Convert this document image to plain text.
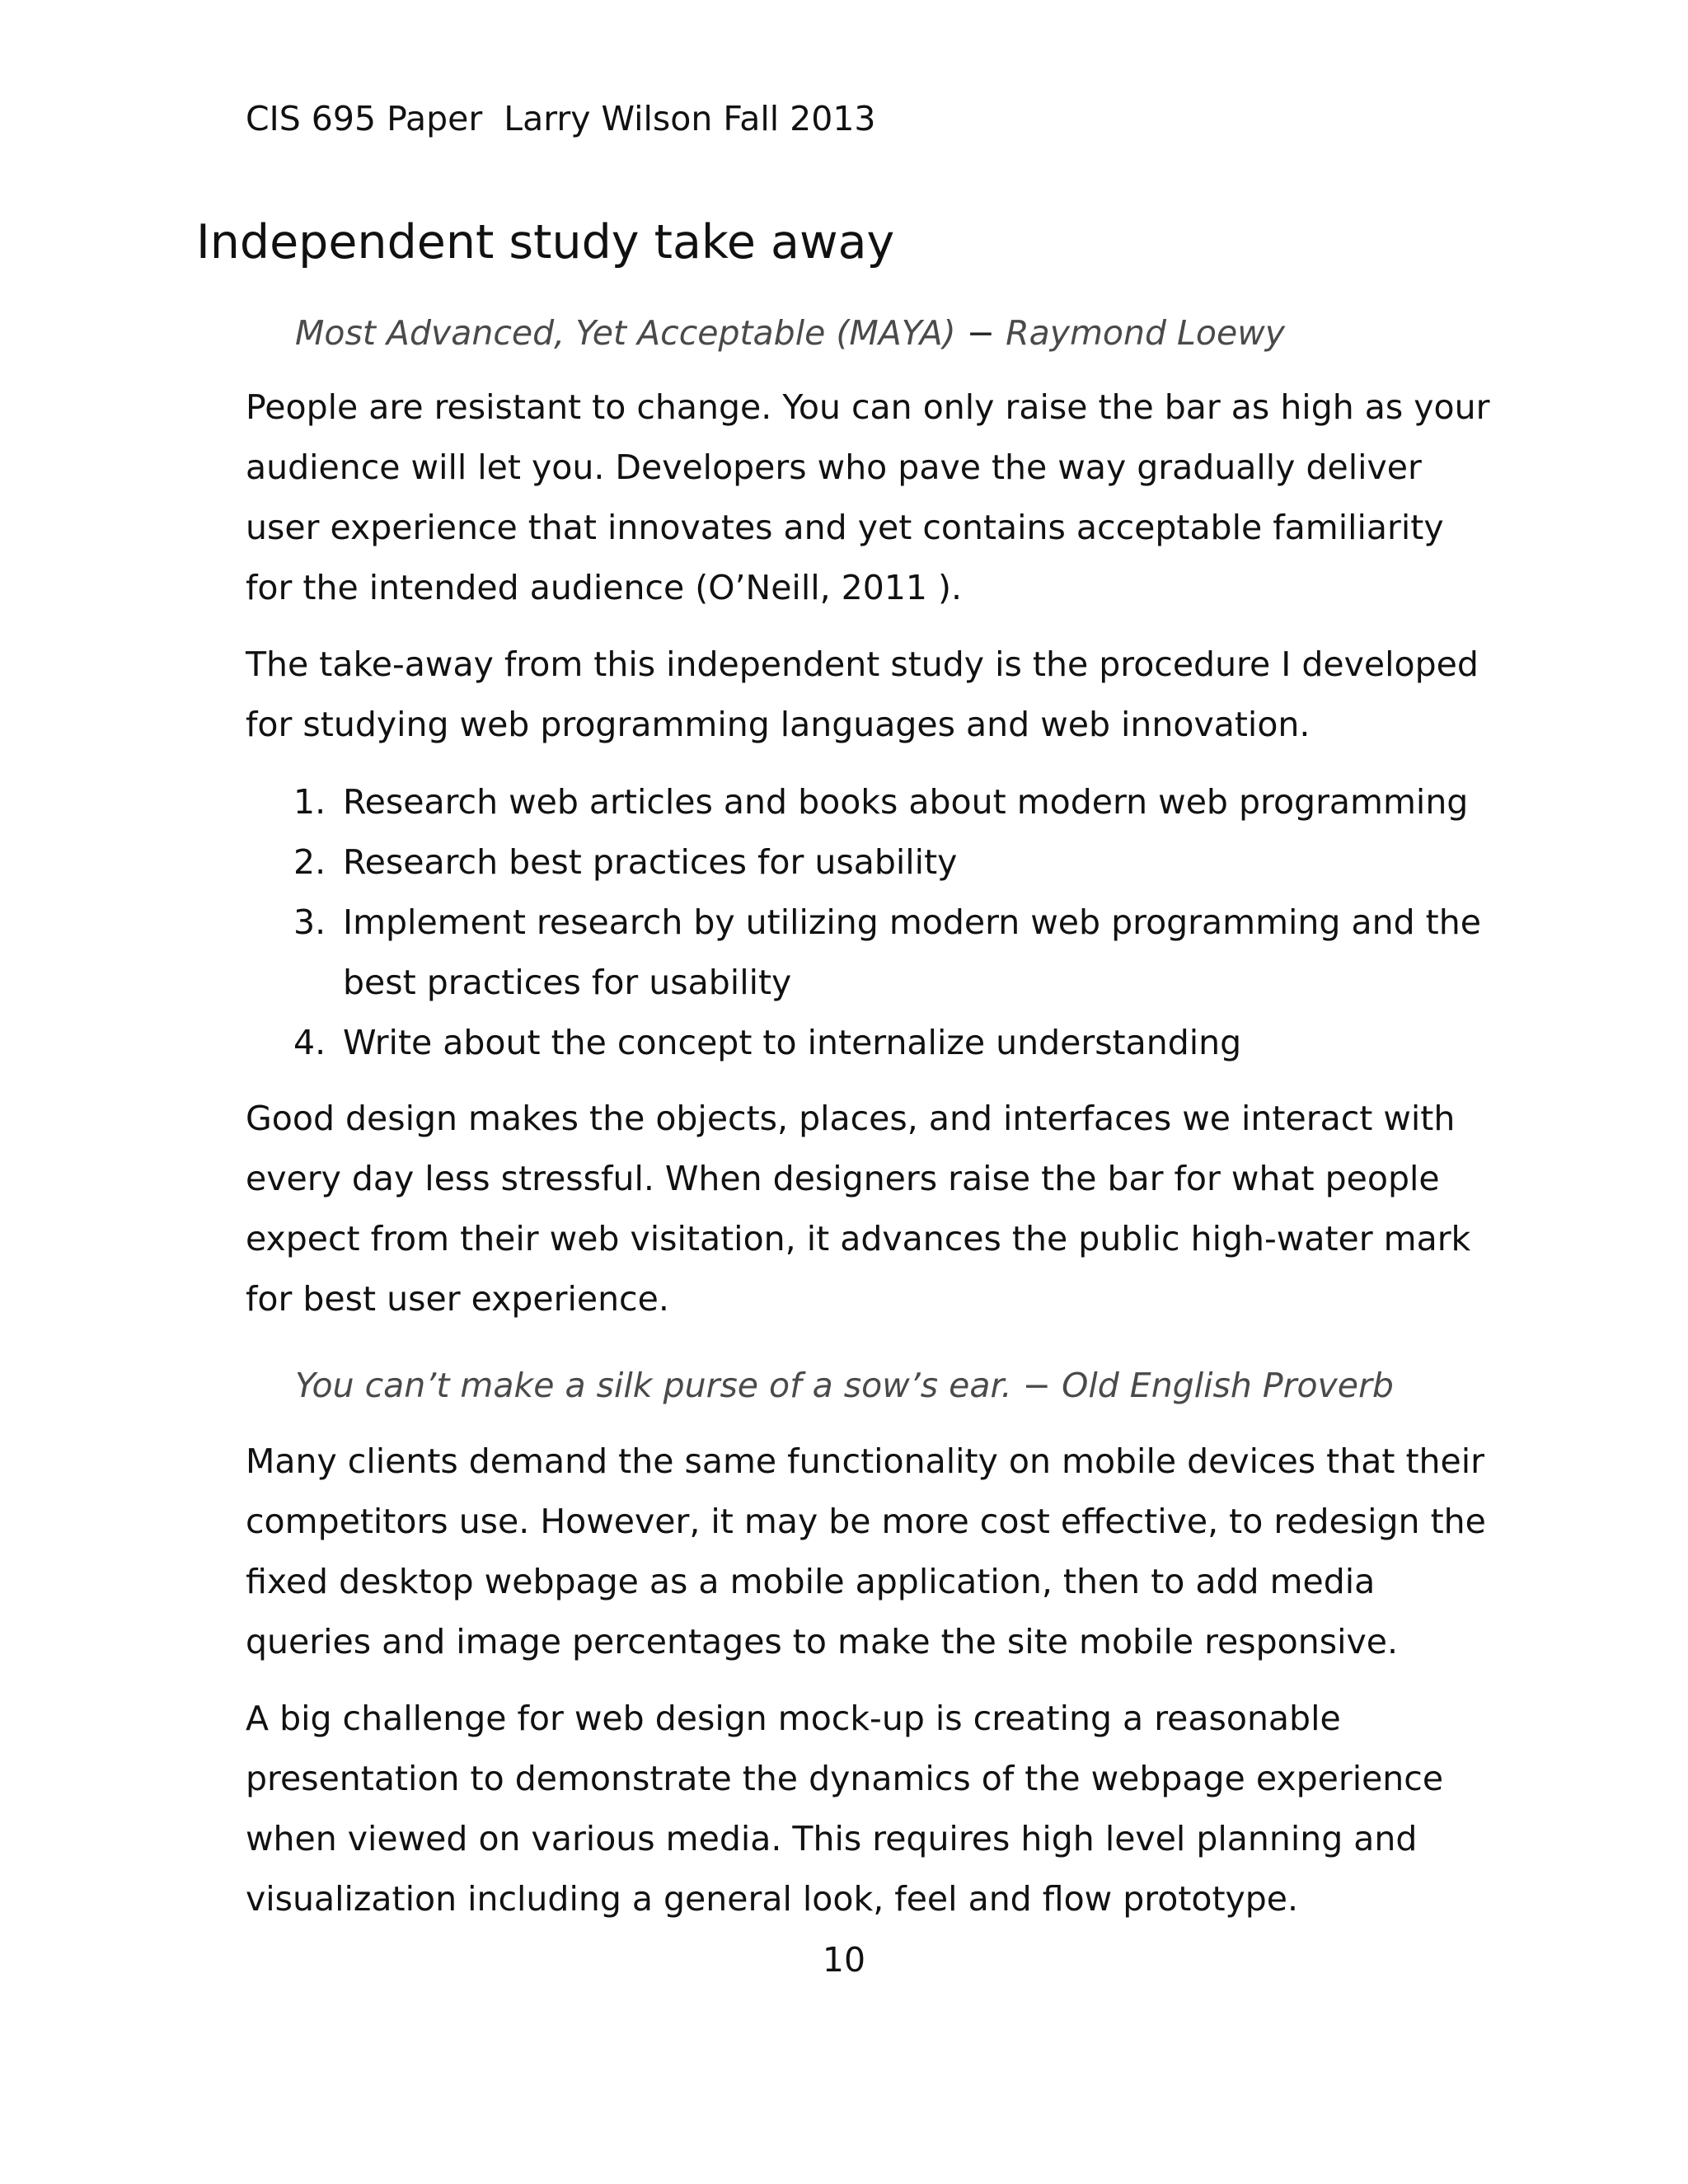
CIS 695 Paper  Larry Wilson Fall 2013
Independent study take away
Most Advanced, Yet Acceptable (MAYA) − Raymond Loewy

People are resistant to change. You can only raise the bar as high as your audience will let you. Developers who pave the way gradually deliver user experience that innovates and yet contains acceptable familiarity for the intended audience (O’Neill, 2011 ).

The take-away from this independent study is the procedure I developed for studying web programming languages and web innovation.

1. Research web articles and books about modern web programming
2. Research best practices for usability
3. Implement research by utilizing modern web programming and the best practices for usability
4. Write about the concept to internalize understanding

Good design makes the objects, places, and interfaces we interact with every day less stressful. When designers raise the bar for what people expect from their web visitation, it advances the public high-water mark for best user experience.

You can’t make a silk purse of a sow’s ear. − Old English Proverb

Many clients demand the same functionality on mobile devices that their competitors use. However, it may be more cost effective, to redesign the fixed desktop webpage as a mobile application, then to add media queries and image percentages to make the site mobile responsive.

A big challenge for web design mock-up is creating a reasonable presentation to demonstrate the dynamics of the webpage experience when viewed on various media. This requires high level planning and visualization including a general look, feel and flow prototype.

10
